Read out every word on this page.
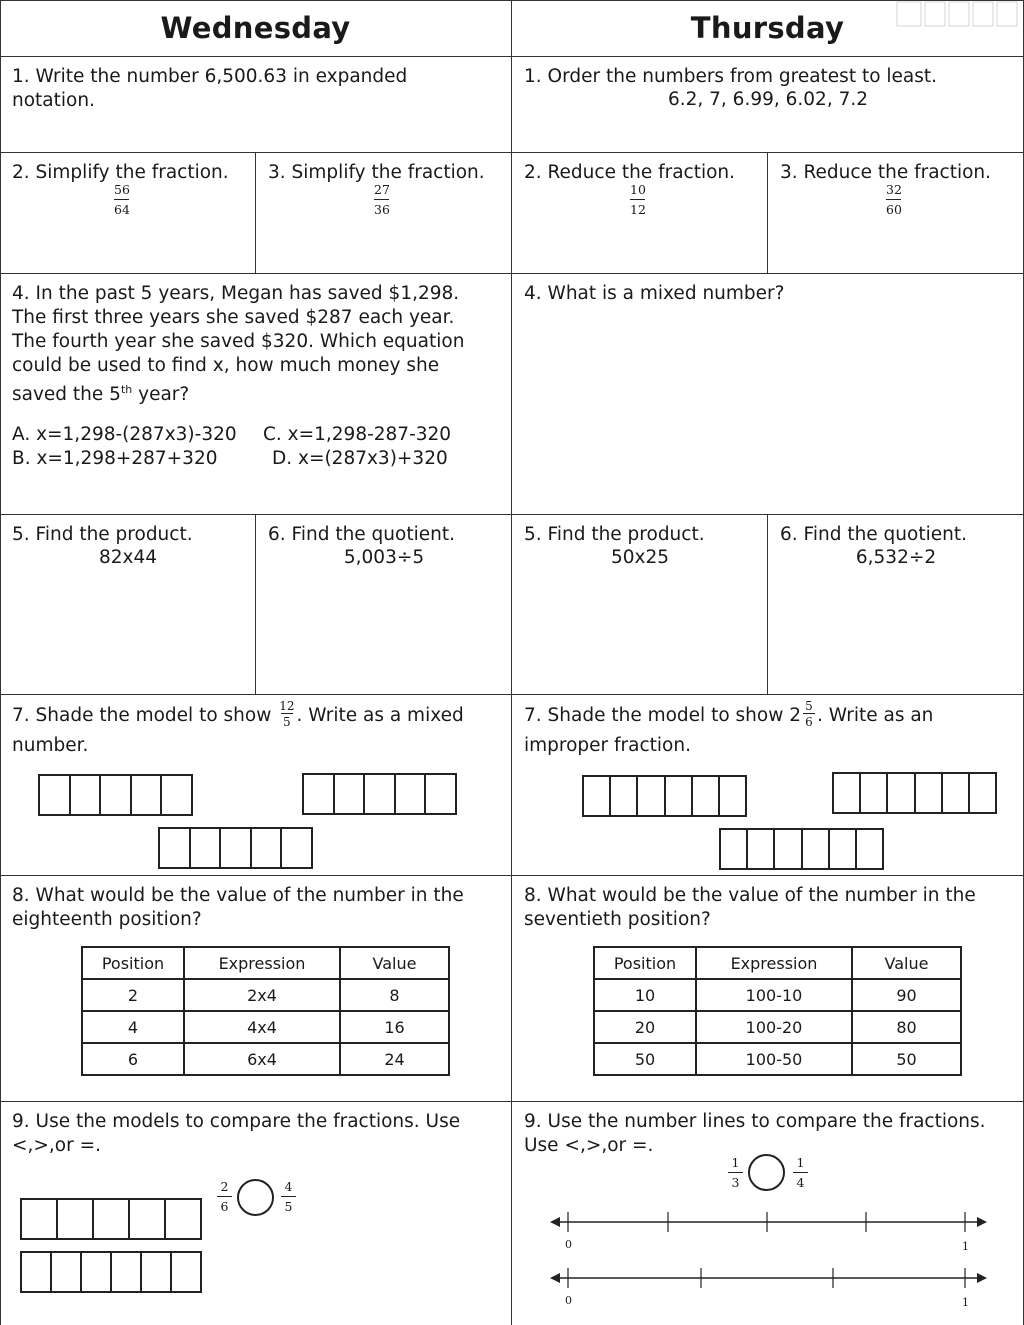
Wednesday	Thursday
1. Write the number 6,500.63 in expanded notation.
1. Order the numbers from greatest to least.
6.2, 7, 6.99, 6.02, 7.2
2. Simplify the fraction.
56
64
3. Simplify the fraction.
27
36
2. Reduce the fraction.
10
12
3. Reduce the fraction.
32
60
4. In the past 5 years, Megan has saved $1,298. The first three years she saved $287 each year. The fourth year she saved $320. Which equation could be used to find x, how much money she saved the 5th year?
A. x=1,298-(287x3)-320
B. x=1,298+287+320
C. x=1,298-287-320
D. x=(287x3)+320
4. What is a mixed number?
5. Find the product.
82x44
6. Find the quotient.
5,003÷5
5. Find the product.
50x25
6. Find the quotient.
6,532÷2
7. Shade the model to show $\frac{12}{5}$ . Write as a mixed number.
7. Shade the model to show $2 \frac{5}{6}$ . Write as an improper fraction.
8. What would be the value of the number in the eighteenth position?
Position	Expression	Value
2	2x4	8
4	4x4	16
6	6x4	24
8. What would be the value of the number in the seventieth position?
Position	Expression	Value
10	100-10	90
20	100-20	80
50	100-50	50
9. Use the models to compare the fractions. Use <,>,or =.
2
6
4
5
9. Use the number lines to compare the fractions. Use <,>,or =.
1
3
1
4
0	1
0	1
